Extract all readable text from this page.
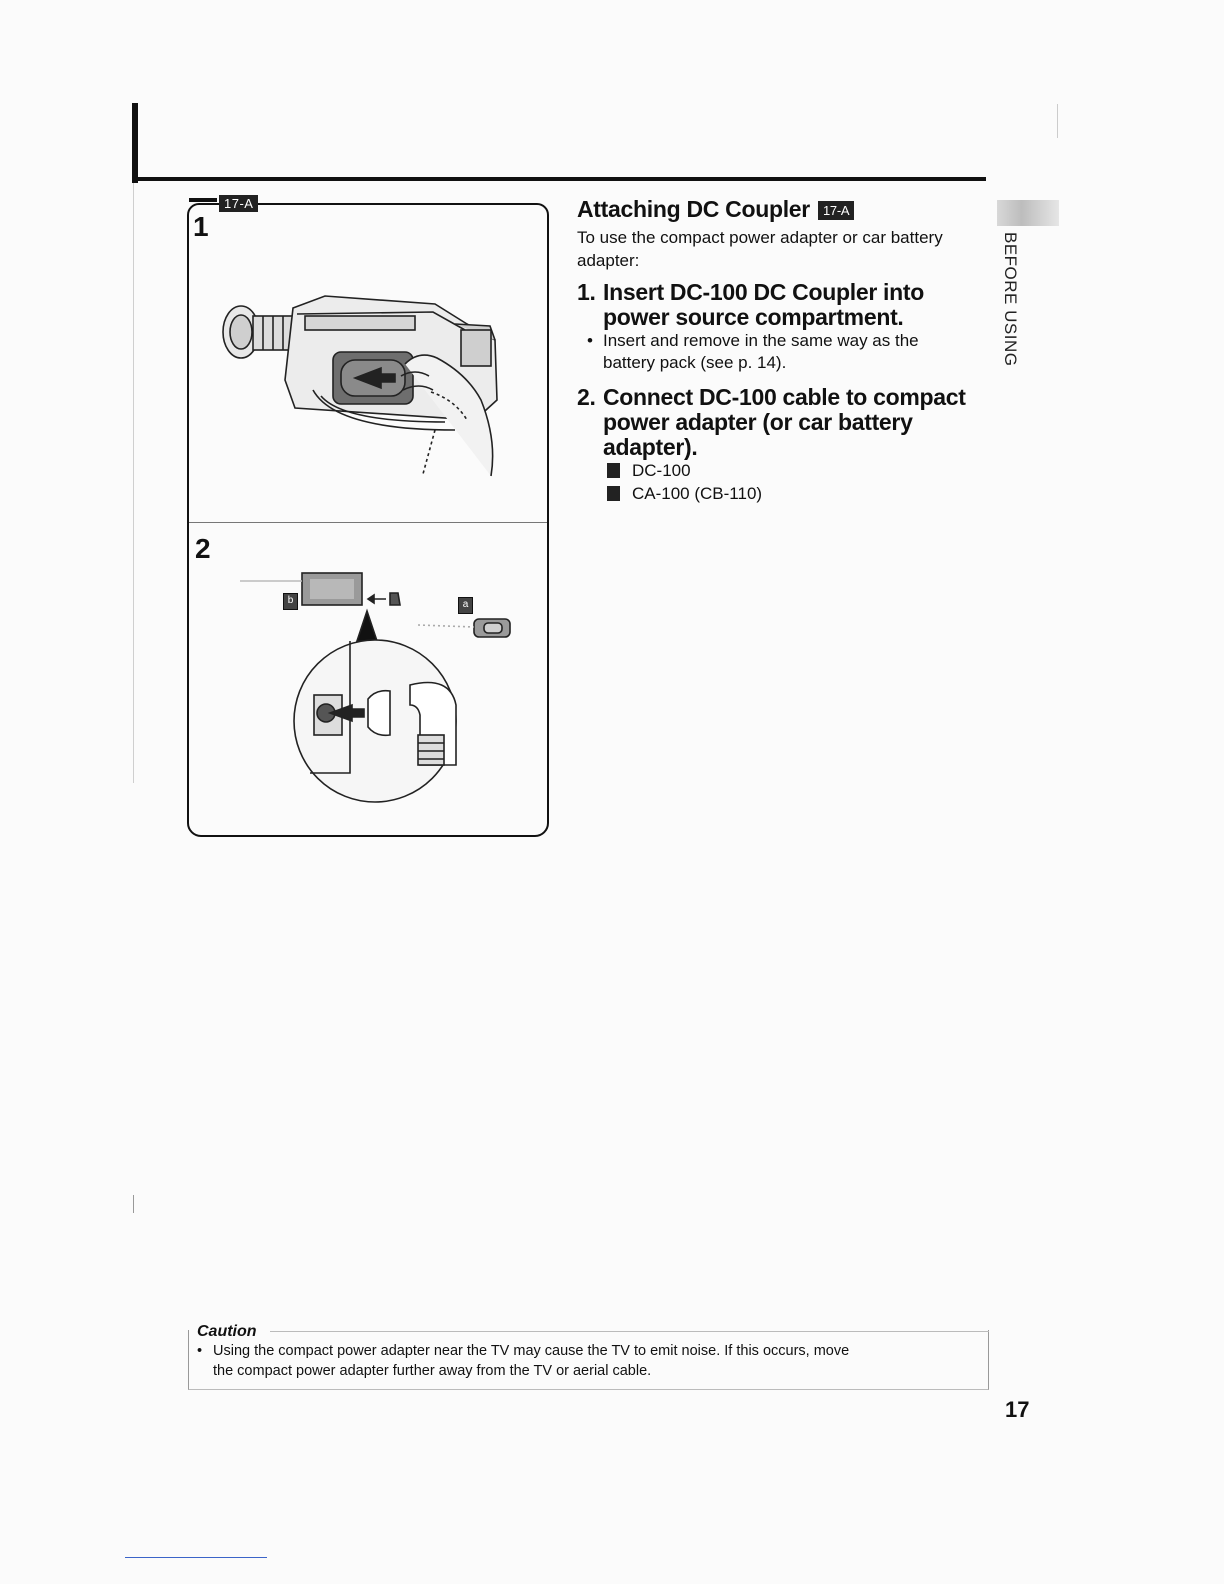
17-A
1
2
b	a
Attaching DC Coupler 17-A
To use the compact power adapter or car battery adapter:
1. Insert DC-100 DC Coupler into
power source compartment.
• Insert and remove in the same way as the
battery pack (see p. 14).
2. Connect DC-100 cable to compact
power adapter (or car battery
adapter).
DC-100
CA-100 (CB-110)
BEFORE USING
Caution
• Using the compact power adapter near the TV may cause the TV to emit noise. If this occurs, move
the compact power adapter further away from the TV or aerial cable.
17
